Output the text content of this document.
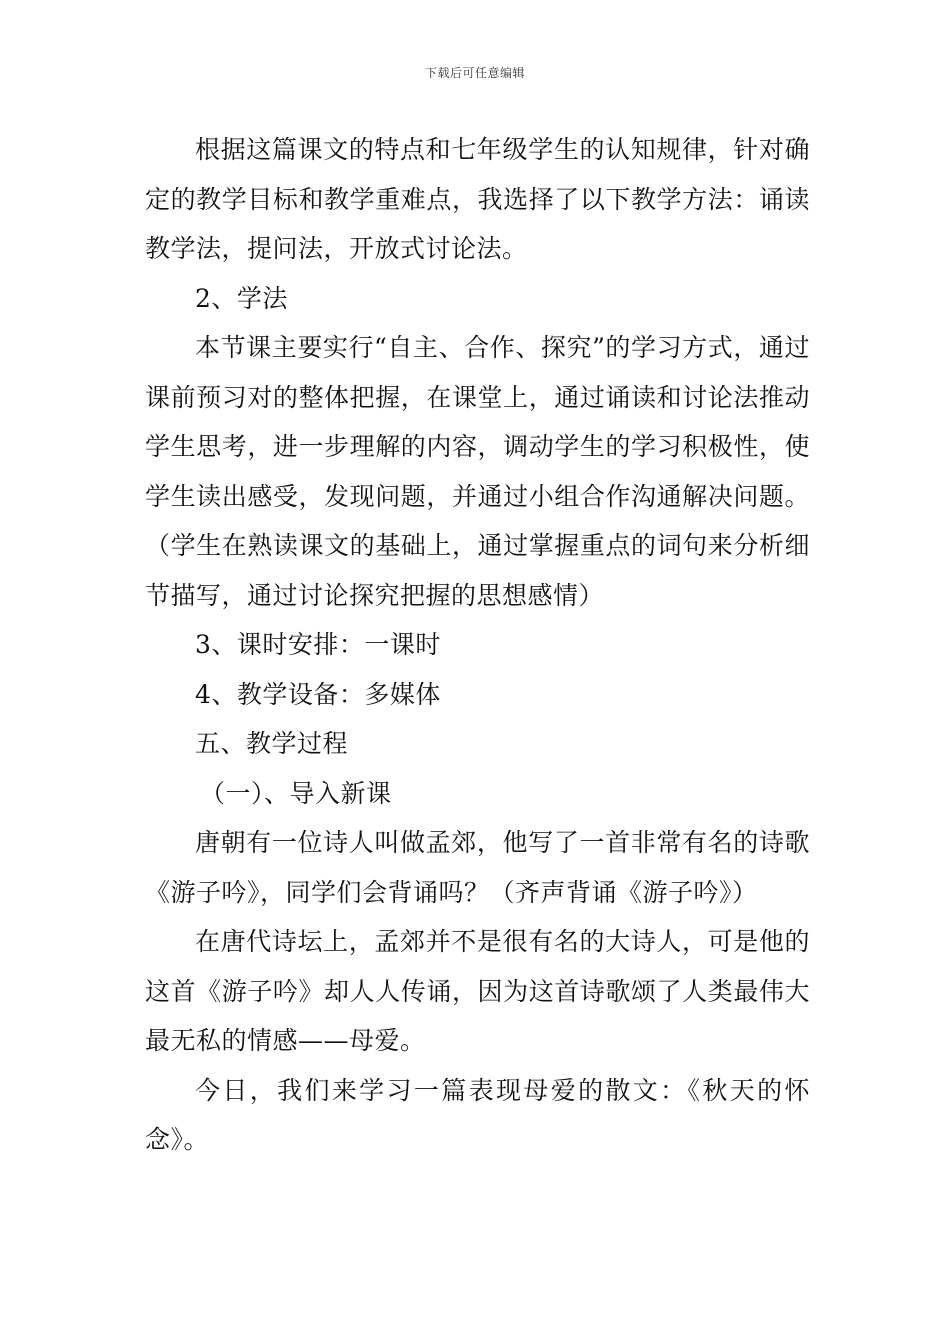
下载后可任意编辑

根据这篇课文的特点和七年级学生的认知规律，针对确定的教学目标和教学重难点，我选择了以下教学方法：诵读教学法，提问法，开放式讨论法。

2、学法

本节课主要实行“自主、合作、探究”的学习方式，通过课前预习对的整体把握，在课堂上，通过诵读和讨论法推动学生思考，进一步理解的内容，调动学生的学习积极性，使学生读出感受，发现问题，并通过小组合作沟通解决问题。（学生在熟读课文的基础上，通过掌握重点的词句来分析细节描写，通过讨论探究把握的思想感情）

3、课时安排：一课时

4、教学设备：多媒体

五、教学过程

（一）、导入新课

唐朝有一位诗人叫做孟郊，他写了一首非常有名的诗歌《游子吟》，同学们会背诵吗？（齐声背诵《游子吟》）

在唐代诗坛上，孟郊并不是很有名的大诗人，可是他的这首《游子吟》却人人传诵，因为这首诗歌颂了人类最伟大最无私的情感——母爱。

今日，我们来学习一篇表现母爱的散文：《秋天的怀念》。
